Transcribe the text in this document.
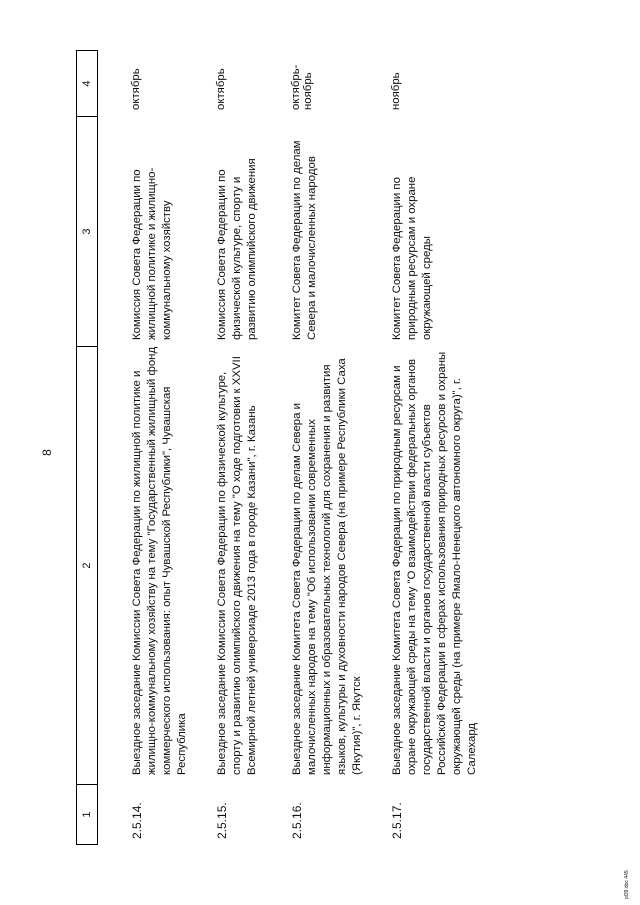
8
1
2
3
4
2.5.14.
Выездное заседание Комиссии Совета Федерации по жилищной политике и жилищно-коммунальному хозяйству на тему "Государственный жилищный фонд коммерческого использования: опыт Чувашской Республики", Чувашская Республика
Комиссия Совета Федерации по жилищной политике и жилищно-коммунальному хозяйству
октябрь
2.5.15.
Выездное заседание Комиссии Совета Федерации по физической культуре, спорту и развитию олимпийского движения на тему "О ходе подготовки к XXVII Всемирной летней универсиаде 2013 года в городе Казани", г. Казань
Комиссия Совета Федерации по физической культуре, спорту и развитию олимпийского движения
октябрь
2.5.16.
Выездное заседание Комитета Совета Федерации по делам Севера и малочисленных народов на тему "Об использовании современных информационных и образовательных технологий для сохранения и развития языков, культуры и духовности народов Севера (на примере Республики Саха (Якутия)", г. Якутск
Комитет Совета Федерации по делам Севера и малочисленных народов
октябрь-ноябрь
2.5.17.
Выездное заседание Комитета Совета Федерации по природным ресурсам и охране окружающей среды на тему "О взаимодействии федеральных органов государственной власти и органов государственной власти субъектов Российской Федерации в сферах использования природных ресурсов и охраны окружающей среды (на примере Ямало-Ненецкого автономного округа)", г. Салехард
Комитет Совета Федерации по природным ресурсам и охране окружающей среды
ноябрь
pl39.doc 445
